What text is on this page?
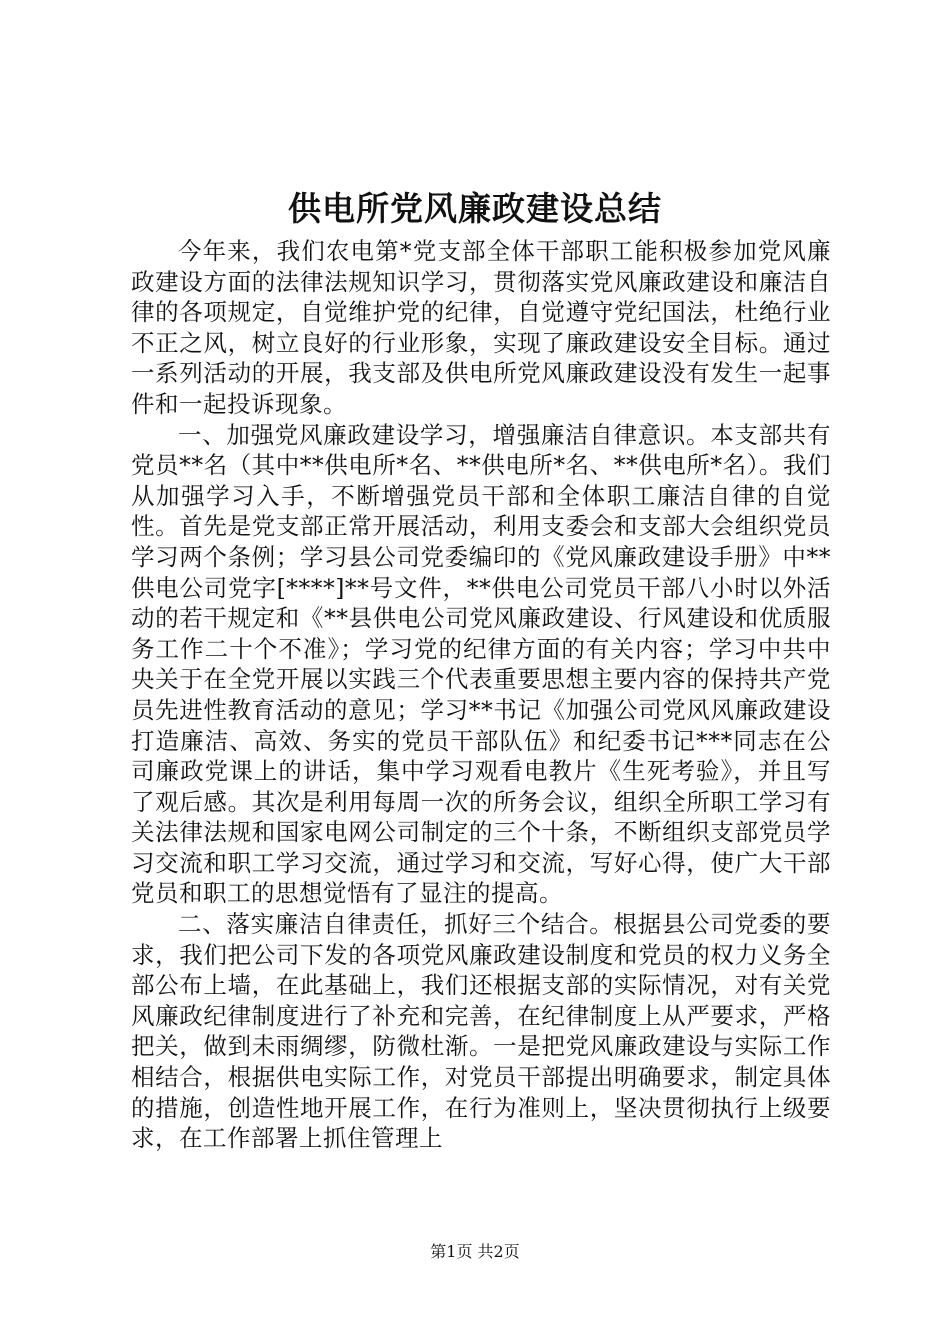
供电所党风廉政建设总结

今年来，我们农电第*党支部全体干部职工能积极参加党风廉政建设方面的法律法规知识学习，贯彻落实党风廉政建设和廉洁自律的各项规定，自觉维护党的纪律，自觉遵守党纪国法，杜绝行业不正之风，树立良好的行业形象，实现了廉政建设安全目标。通过一系列活动的开展，我支部及供电所党风廉政建设没有发生一起事件和一起投诉现象。

一、加强党风廉政建设学习，增强廉洁自律意识。本支部共有党员**名（其中**供电所*名、**供电所*名、**供电所*名）。我们从加强学习入手，不断增强党员干部和全体职工廉洁自律的自觉性。首先是党支部正常开展活动，利用支委会和支部大会组织党员学习两个条例；学习县公司党委编印的《党风廉政建设手册》中**供电公司党字[****]**号文件，**供电公司党员干部八小时以外活动的若干规定和《**县供电公司党风廉政建设、行风建设和优质服务工作二十个不准》；学习党的纪律方面的有关内容；学习中共中央关于在全党开展以实践三个代表重要思想主要内容的保持共产党员先进性教育活动的意见；学习**书记《加强公司党风风廉政建设打造廉洁、高效、务实的党员干部队伍》和纪委书记***同志在公司廉政党课上的讲话，集中学习观看电教片《生死考验》，并且写了观后感。其次是利用每周一次的所务会议，组织全所职工学习有关法律法规和国家电网公司制定的三个十条，不断组织支部党员学习交流和职工学习交流，通过学习和交流，写好心得，使广大干部党员和职工的思想觉悟有了显注的提高。

二、落实廉洁自律责任，抓好三个结合。根据县公司党委的要求，我们把公司下发的各项党风廉政建设制度和党员的权力义务全部公布上墙，在此基础上，我们还根据支部的实际情况，对有关党风廉政纪律制度进行了补充和完善，在纪律制度上从严要求，严格把关，做到未雨绸缪，防微杜渐。一是把党风廉政建设与实际工作相结合，根据供电实际工作，对党员干部提出明确要求，制定具体的措施，创造性地开展工作，在行为准则上，坚决贯彻执行上级要求，在工作部署上抓住管理上

第1页 共2页
